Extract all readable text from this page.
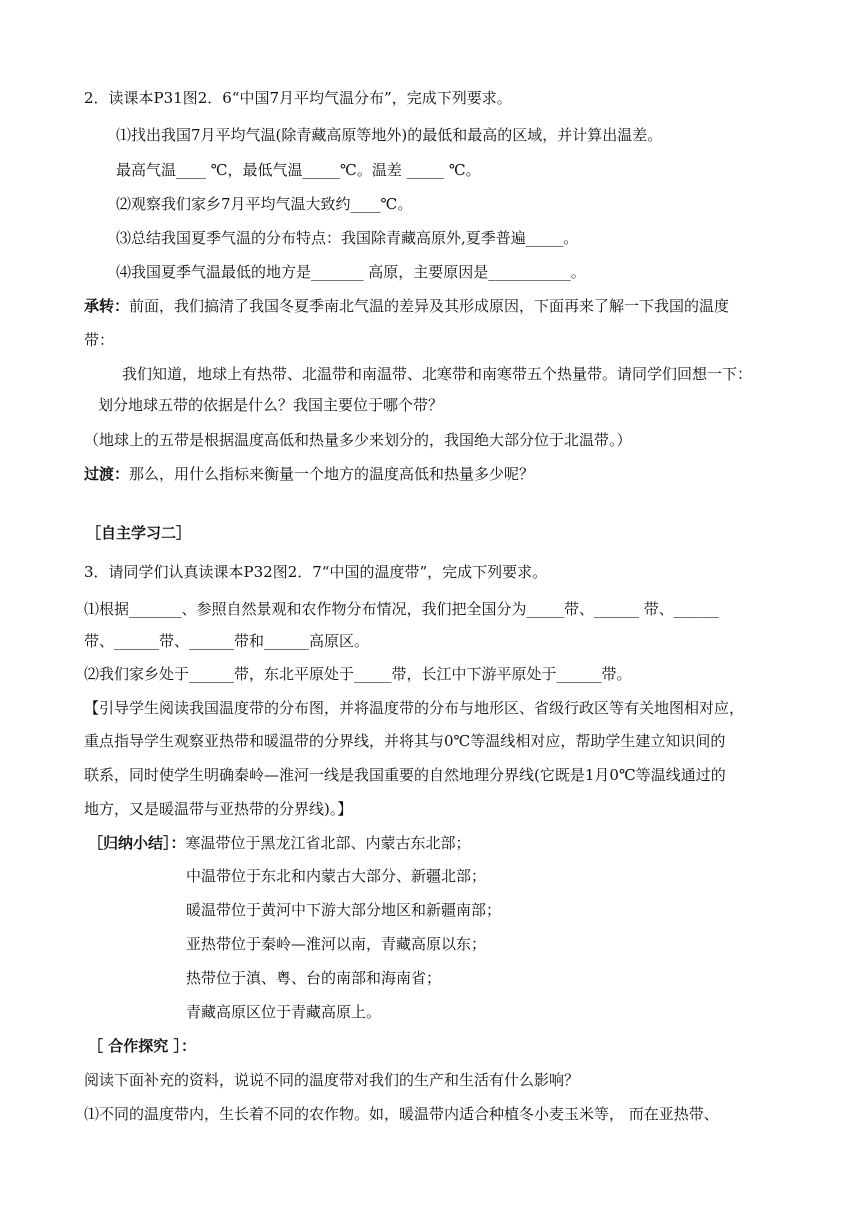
2．读课本P31图2．6“中国7月平均气温分布”，完成下列要求。
⑴找出我国7月平均气温(除青藏高原等地外)的最低和最高的区域，并计算出温差。
最高气温____ ℃，最低气温_____℃。温差 _____ ℃。
⑵观察我们家乡7月平均气温大致约____℃。
⑶总结我国夏季气温的分布特点：我国除青藏高原外,夏季普遍_____。
⑷我国夏季气温最低的地方是_______ 高原，主要原因是___________。
承转：前面，我们搞清了我国冬夏季南北气温的差异及其形成原因，下面再来了解一下我国的温度
带：
我们知道，地球上有热带、北温带和南温带、北寒带和南寒带五个热量带。请同学们回想一下：
划分地球五带的依据是什么？我国主要位于哪个带？
（地球上的五带是根据温度高低和热量多少来划分的，我国绝大部分位于北温带。）
过渡：那么，用什么指标来衡量一个地方的温度高低和热量多少呢？
［自主学习二］
3．请同学们认真读课本P32图2．7“中国的温度带”，完成下列要求。
⑴根据_______、参照自然景观和农作物分布情况，我们把全国分为_____带、______ 带、______
带、______带、______带和______高原区。
⑵我们家乡处于______带，东北平原处于_____带，长江中下游平原处于______带。
【引导学生阅读我国温度带的分布图，并将温度带的分布与地形区、省级行政区等有关地图相对应，
重点指导学生观察亚热带和暖温带的分界线，并将其与0℃等温线相对应，帮助学生建立知识间的
联系，同时使学生明确秦岭—淮河一线是我国重要的自然地理分界线(它既是1月0℃等温线通过的
地方，又是暖温带与亚热带的分界线)。】
［归纳小结］：寒温带位于黑龙江省北部、内蒙古东北部；
中温带位于东北和内蒙古大部分、新疆北部；
暖温带位于黄河中下游大部分地区和新疆南部；
亚热带位于秦岭—淮河以南，青藏高原以东；
热带位于滇、粤、台的南部和海南省；
青藏高原区位于青藏高原上。
［ 合作探究 ］：
阅读下面补充的资料，说说不同的温度带对我们的生产和生活有什么影响？
⑴不同的温度带内，生长着不同的农作物。如，暖温带内适合种植冬小麦玉米等， 而在亚热带、
